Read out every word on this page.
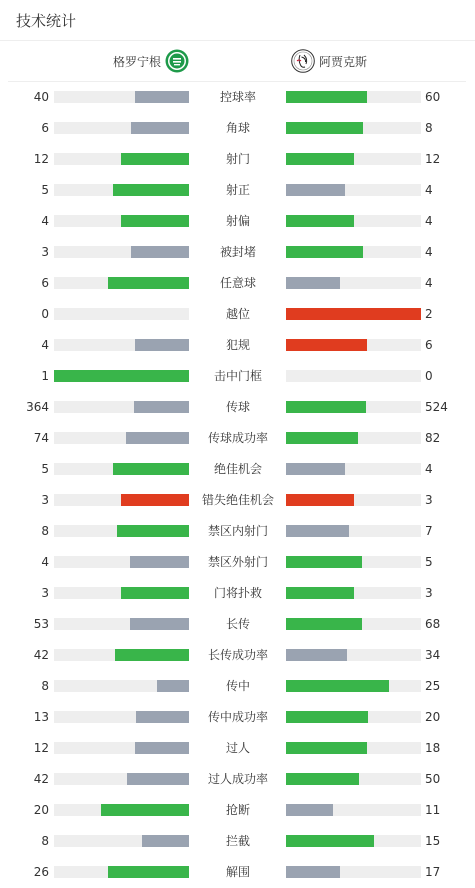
技术统计
格罗宁根	阿贾克斯
40	控球率	60
6	角球	8
12	射门	12
5	射正	4
4	射偏	4
3	被封堵	4
6	任意球	4
0	越位	2
4	犯规	6
1	击中门框	0
364	传球	524
74	传球成功率	82
5	绝佳机会	4
3	错失绝佳机会	3
8	禁区内射门	7
4	禁区外射门	5
3	门将扑救	3
53	长传	68
42	长传成功率	34
8	传中	25
13	传中成功率	20
12	过人	18
42	过人成功率	50
20	抢断	11
8	拦截	15
26	解围	17
